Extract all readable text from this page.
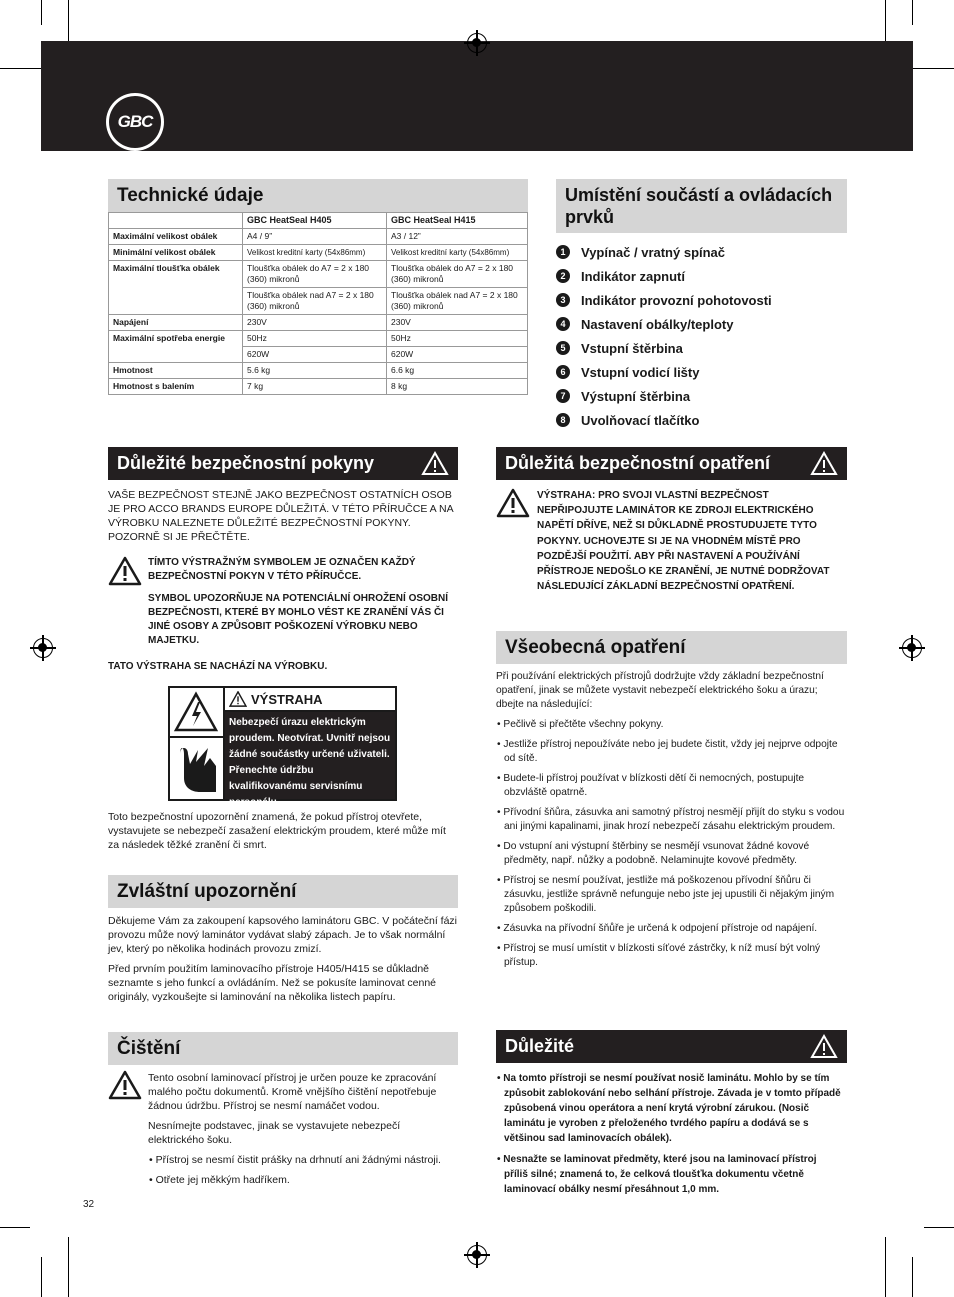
GBC
Technické údaje
	GBC HeatSeal H405	GBC HeatSeal H415
Maximální velikost obálek	A4 / 9”	A3 / 12”
Minimální velikost obálek	Velikost kreditní karty (54x86mm)	Velikost kreditní karty (54x86mm)
Maximální tloušťka obálek	Tloušťka obálek do A7 = 2 x 180 (360) mikronů	Tloušťka obálek do A7 = 2 x 180 (360) mikronů
	Tloušťka obálek nad A7 = 2 x 180 (360) mikronů	Tloušťka obálek nad A7 = 2 x 180 (360) mikronů
Napájení	230V	230V
Maximální spotřeba energie	50Hz	50Hz
	620W	620W
Hmotnost	5.6 kg	6.6 kg
Hmotnost s balením	7 kg	8 kg
Umístění součástí a ovládacích prvků
1	Vypínač / vratný spínač
2	Indikátor zapnutí
3	Indikátor provozní pohotovosti
4	Nastavení obálky/teploty
5	Vstupní štěrbina
6	Vstupní vodicí lišty
7	Výstupní štěrbina
8	Uvolňovací tlačítko
Důležité bezpečnostní pokyny
VAŠE BEZPEČNOST STEJNĚ JAKO BEZPEČNOST OSTATNÍCH OSOB JE PRO ACCO BRANDS EUROPE DŮLEŽITÁ. V TÉTO PŘÍRUČCE A NA VÝROBKU NALEZNETE DŮLEŽITÉ BEZPEČNOSTNÍ POKYNY. POZORNĚ SI JE PŘEČTĚTE.
TÍMTO VÝSTRAŽNÝM SYMBOLEM JE OZNAČEN KAŽDÝ BEZPEČNOSTNÍ POKYN V TÉTO PŘÍRUČCE.
SYMBOL UPOZORŇUJE NA POTENCIÁLNÍ OHROŽENÍ OSOBNÍ BEZPEČNOSTI, KTERÉ BY MOHLO VÉST KE ZRANĚNÍ VÁS ČI JINÉ OSOBY A ZPŮSOBIT POŠKOZENÍ VÝROBKU NEBO MAJETKU.
TATO VÝSTRAHA SE NACHÁZÍ NA VÝROBKU.
VÝSTRAHA
Nebezpečí úrazu elektrickým proudem. Neotvírat. Uvnitř nejsou žádné součástky určené uživateli. Přenechte údržbu kvalifikovanému servisnímu personálu.
Toto bezpečnostní upozornění znamená, že pokud přístroj otevřete, vystavujete se nebezpečí zasažení elektrickým proudem, které může mít za následek těžké zranění či smrt.
Zvláštní upozornění

Děkujeme Vám za zakoupení kapsového laminátoru GBC. V počáteční fázi provozu může nový laminátor vydávat slabý zápach. Je to však normální jev, který po několika hodinách provozu zmizí.

Před prvním použitím laminovacího přístroje H405/H415 se důkladně seznamte s jeho funkcí a ovládáním. Než se pokusíte laminovat cenné originály, vyzkoušejte si laminování na několika listech papíru.

Čištění

Tento osobní laminovací přístroj je určen pouze ke zpracování malého počtu dokumentů. Kromě vnějšího čištění nepotřebuje žádnou údržbu. Přístroj se nesmí namáčet vodou.

Nesnímejte podstavec, jinak se vystavujete nebezpečí elektrického šoku.

• Přístroj se nesmí čistit prášky na drhnutí ani žádnými nástroji.

• Otřete jej měkkým hadříkem.

Důležitá bezpečnostní opatření
VÝSTRAHA: PRO SVOJI VLASTNÍ BEZPEČNOST NEPŘIPOJUJTE LAMINÁTOR KE ZDROJI ELEKTRICKÉHO NAPĚTÍ DŘÍVE, NEŽ SI DŮKLADNĚ PROSTUDUJETE TYTO POKYNY. UCHOVEJTE SI JE NA VHODNÉM MÍSTĚ PRO POZDĚJŠÍ POUŽITÍ. ABY PŘI NASTAVENÍ A POUŽÍVÁNÍ PŘÍSTROJE NEDOŠLO KE ZRANĚNÍ, JE NUTNÉ DODRŽOVAT NÁSLEDUJÍCÍ ZÁKLADNÍ BEZPEČNOSTNÍ OPATŘENÍ.
Všeobecná opatření

Při používání elektrických přístrojů dodržujte vždy základní bezpečnostní opatření, jinak se můžete vystavit nebezpečí elektrického šoku a úrazu; dbejte na následující:

• Pečlivě si přečtěte všechny pokyny.

• Jestliže přístroj nepoužíváte nebo jej budete čistit, vždy jej nejprve odpojte od sítě.

• Budete-li přístroj používat v blízkosti dětí či nemocných, postupujte obzvláště opatrně.

• Přívodní šňůra, zásuvka ani samotný přístroj nesmějí přijít do styku s vodou ani jinými kapalinami, jinak hrozí nebezpečí zásahu elektrickým proudem.

• Do vstupní ani výstupní štěrbiny se nesmějí vsunovat žádné kovové předměty, např. nůžky a podobně. Nelaminujte kovové předměty.

• Přístroj se nesmí používat, jestliže má poškozenou přívodní šňůru či zásuvku, jestliže správně nefunguje nebo jste jej upustili či nějakým jiným způsobem poškodili.

• Zásuvka na přívodní šňůře je určená k odpojení přístroje od napájení.

• Přístroj se musí umístit v blízkosti síťové zástrčky, k níž musí být volný přístup.

Důležité

• Na tomto přístroji se nesmí používat nosič laminátu. Mohlo by se tím způsobit zablokování nebo selhání přístroje. Závada je v tomto případě způsobená vinou operátora a není krytá výrobní zárukou. (Nosič laminátu je vyroben z přeloženého tvrdého papíru a dodává se s většinou sad laminovacích obálek).

• Nesnažte se laminovat předměty, které jsou na laminovací přístroj příliš silné; znamená to, že celková tloušťka dokumentu včetně laminovací obálky nesmí přesáhnout 1,0 mm.

32
